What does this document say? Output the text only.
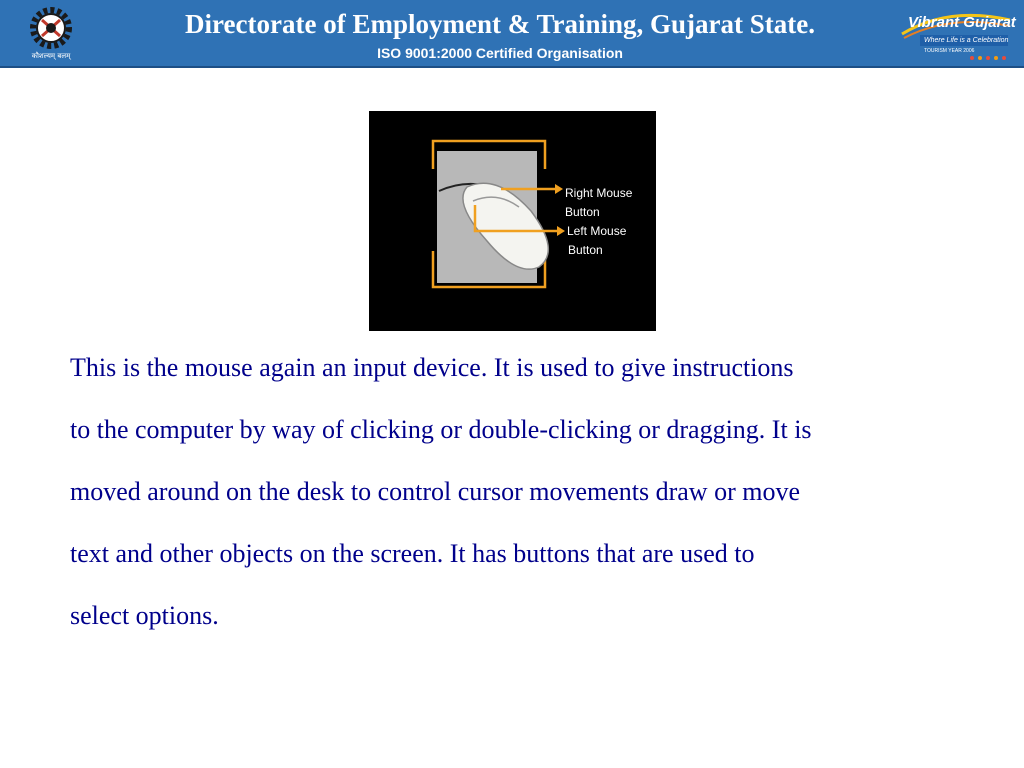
कौशल्यम् बलम्
Directorate of Employment & Training, Gujarat State.
ISO 9001:2000 Certified Organisation
Vibrant Gujarat
Where Life is a Celebration
TOURISM YEAR 2006
Right Mouse
Button
Left Mouse
Button

This is the mouse again an input device. It is used to give instructions

to the computer by way of clicking or double-clicking or dragging. It is

moved around on the desk to control cursor movements draw or move

text and other objects on the screen. It has buttons that are used to

select options.
